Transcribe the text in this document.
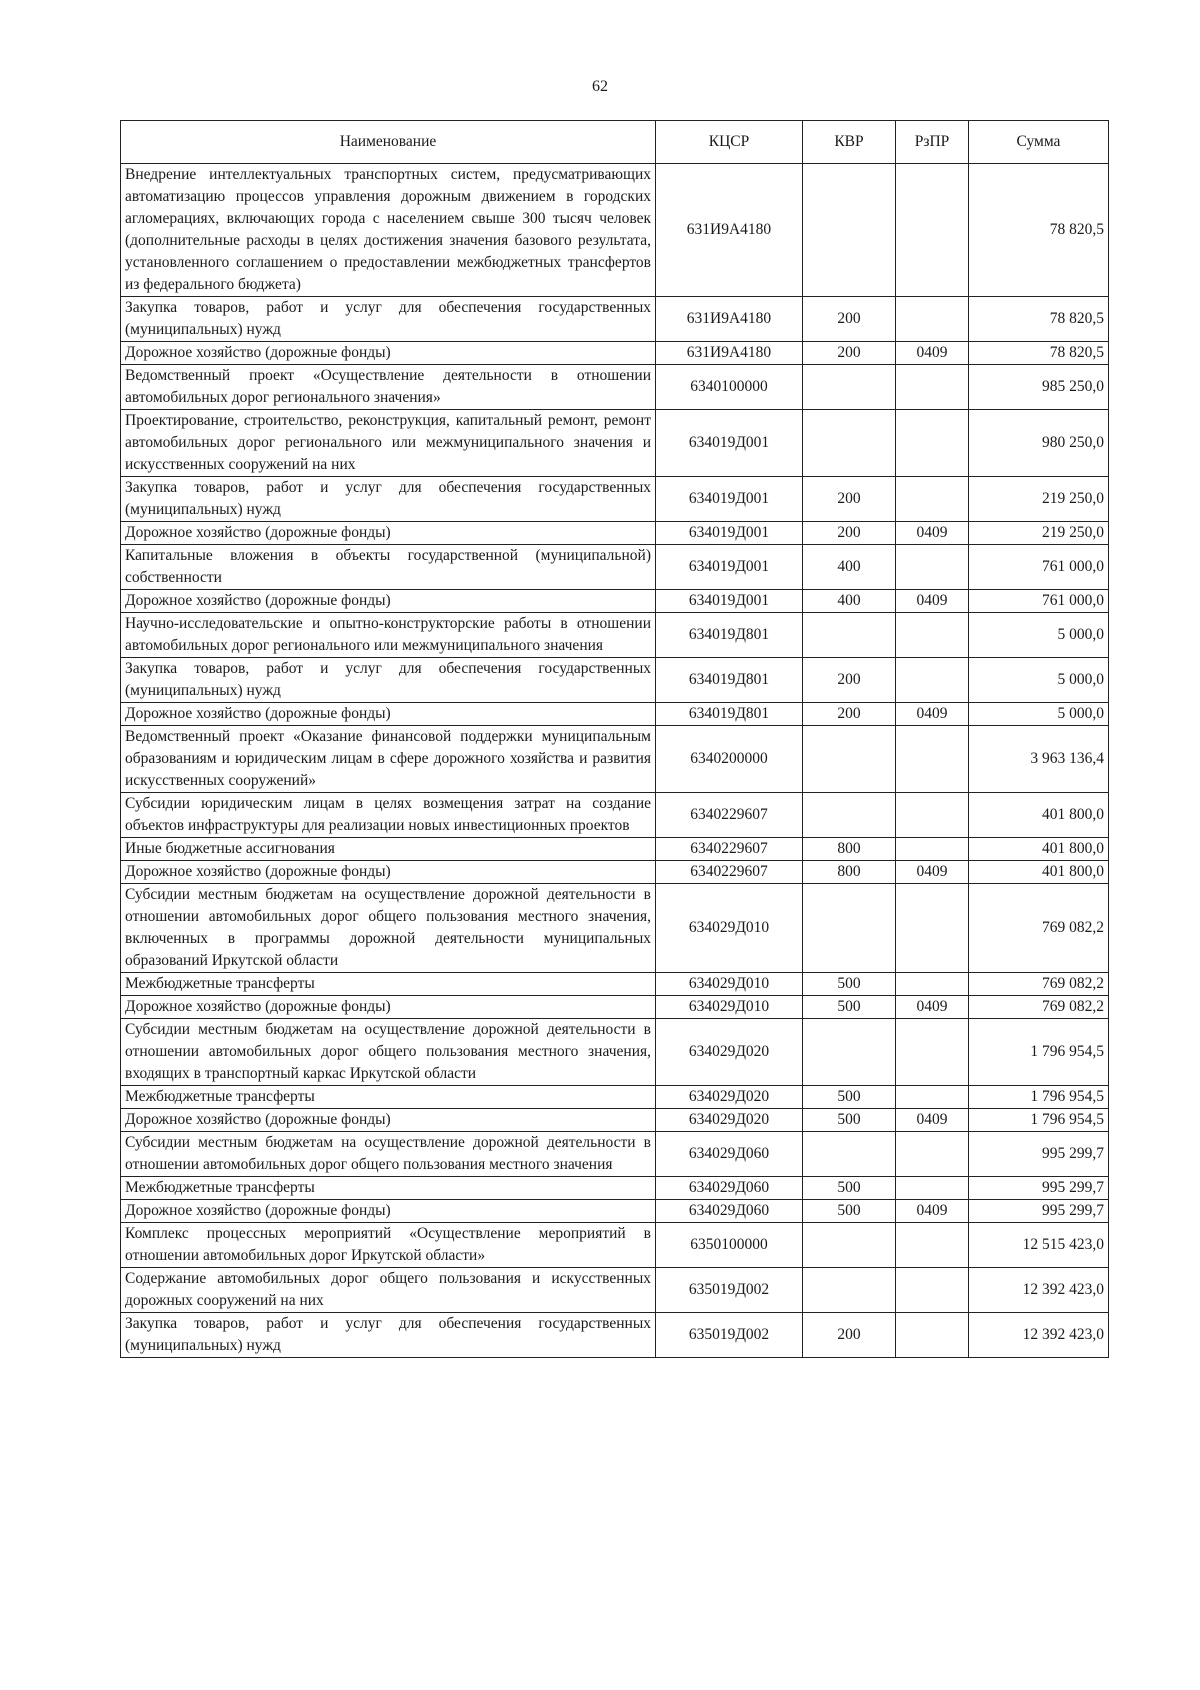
62
Наименование	КЦСР	КВР	РзПР	Сумма
Внедрение интеллектуальных транспортных систем, предусматривающих автоматизацию процессов управления дорожным движением в городских агломерациях, включающих города с населением свыше 300 тысяч человек (дополнительные расходы в целях достижения значения базового результата, установленного соглашением о предоставлении межбюджетных трансфертов из федерального бюджета)	631И9А4180			78 820,5
Закупка товаров, работ и услуг для обеспечения государственных (муниципальных) нужд	631И9А4180	200		78 820,5
Дорожное хозяйство (дорожные фонды)	631И9А4180	200	0409	78 820,5
Ведомственный проект «Осуществление деятельности в отношении автомобильных дорог регионального значения»	6340100000			985 250,0
Проектирование, строительство, реконструкция, капитальный ремонт, ремонт автомобильных дорог регионального или межмуниципального значения и искусственных сооружений на них	634019Д001			980 250,0
Закупка товаров, работ и услуг для обеспечения государственных (муниципальных) нужд	634019Д001	200		219 250,0
Дорожное хозяйство (дорожные фонды)	634019Д001	200	0409	219 250,0
Капитальные вложения в объекты государственной (муниципальной) собственности	634019Д001	400		761 000,0
Дорожное хозяйство (дорожные фонды)	634019Д001	400	0409	761 000,0
Научно-исследовательские и опытно-конструкторские работы в отношении автомобильных дорог регионального или межмуниципального значения	634019Д801			5 000,0
Закупка товаров, работ и услуг для обеспечения государственных (муниципальных) нужд	634019Д801	200		5 000,0
Дорожное хозяйство (дорожные фонды)	634019Д801	200	0409	5 000,0
Ведомственный проект «Оказание финансовой поддержки муниципальным образованиям и юридическим лицам в сфере дорожного хозяйства и развития искусственных сооружений»	6340200000			3 963 136,4
Субсидии юридическим лицам в целях возмещения затрат на создание объектов инфраструктуры для реализации новых инвестиционных проектов	6340229607			401 800,0
Иные бюджетные ассигнования	6340229607	800		401 800,0
Дорожное хозяйство (дорожные фонды)	6340229607	800	0409	401 800,0
Субсидии местным бюджетам на осуществление дорожной деятельности в отношении автомобильных дорог общего пользования местного значения, включенных в программы дорожной деятельности муниципальных образований Иркутской области	634029Д010			769 082,2
Межбюджетные трансферты	634029Д010	500		769 082,2
Дорожное хозяйство (дорожные фонды)	634029Д010	500	0409	769 082,2
Субсидии местным бюджетам на осуществление дорожной деятельности в отношении автомобильных дорог общего пользования местного значения, входящих в транспортный каркас Иркутской области	634029Д020			1 796 954,5
Межбюджетные трансферты	634029Д020	500		1 796 954,5
Дорожное хозяйство (дорожные фонды)	634029Д020	500	0409	1 796 954,5
Субсидии местным бюджетам на осуществление дорожной деятельности в отношении автомобильных дорог общего пользования местного значения	634029Д060			995 299,7
Межбюджетные трансферты	634029Д060	500		995 299,7
Дорожное хозяйство (дорожные фонды)	634029Д060	500	0409	995 299,7
Комплекс процессных мероприятий «Осуществление мероприятий в отношении автомобильных дорог Иркутской области»	6350100000			12 515 423,0
Содержание автомобильных дорог общего пользования и искусственных дорожных сооружений на них	635019Д002			12 392 423,0
Закупка товаров, работ и услуг для обеспечения государственных (муниципальных) нужд	635019Д002	200		12 392 423,0
